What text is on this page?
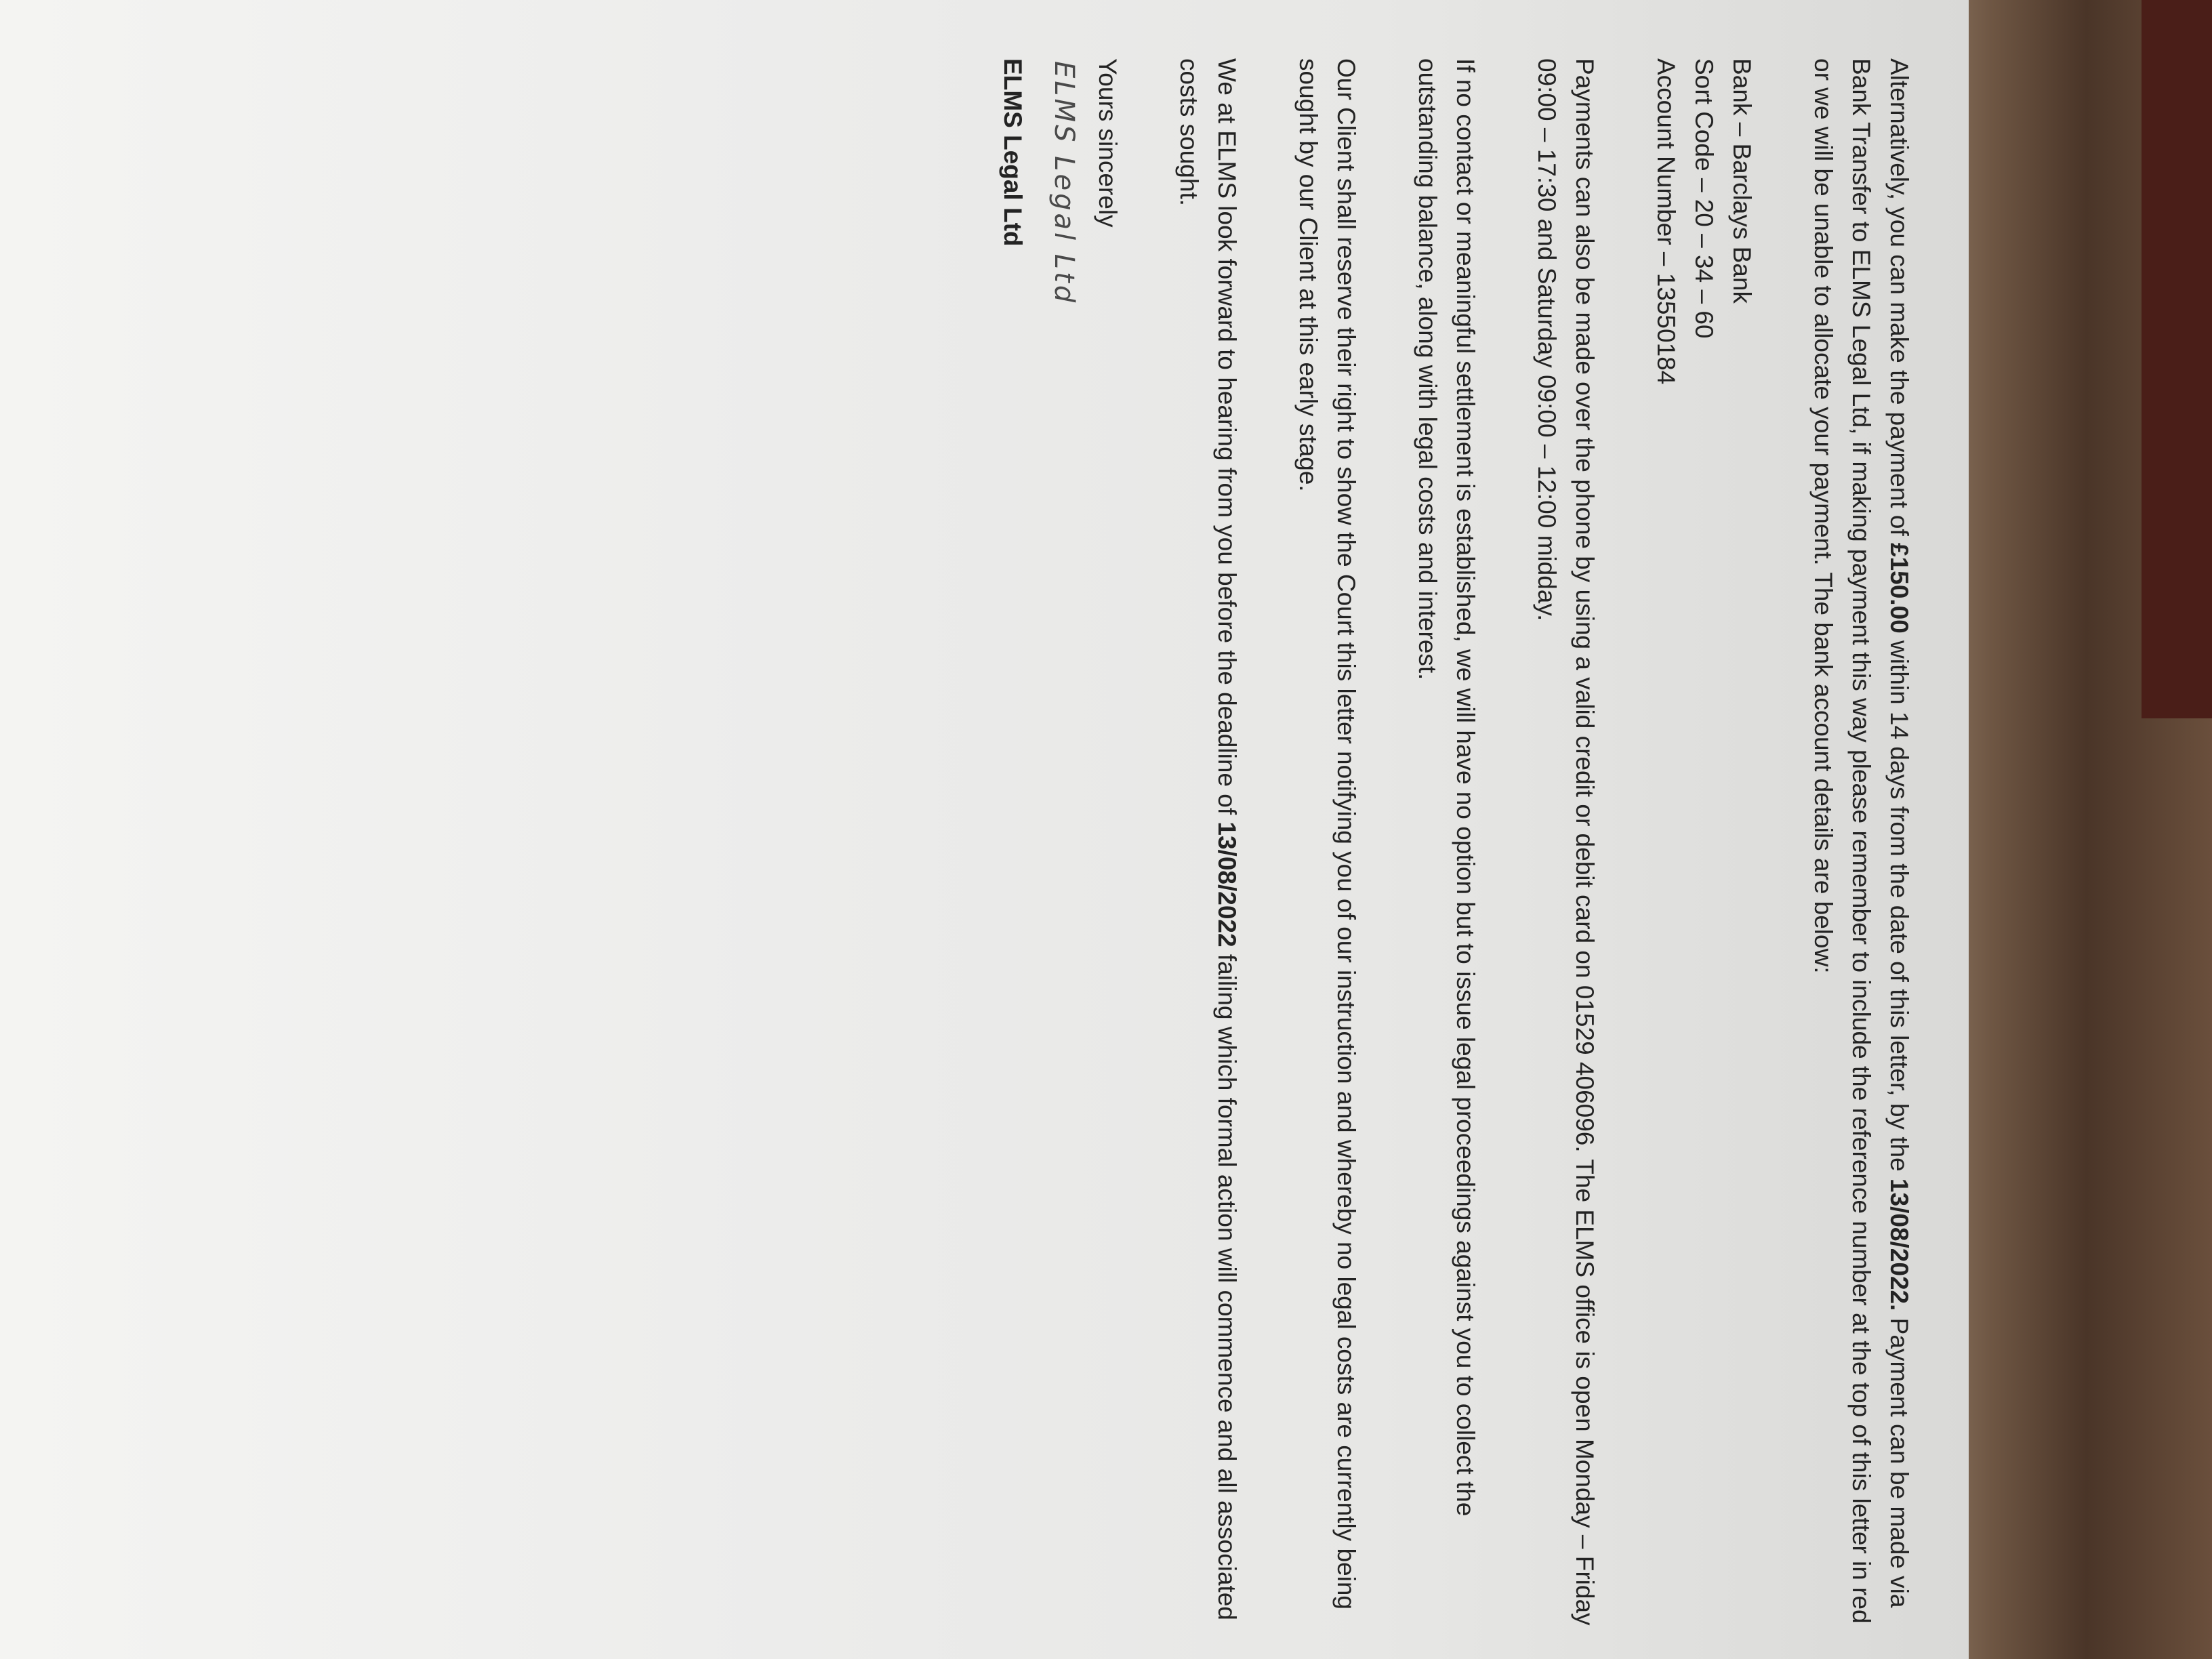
Alternatively, you can make the payment of £150.00 within 14 days from the date of this letter, by the 13/08/2022. Payment can be made via Bank Transfer to ELMS Legal Ltd, if making payment this way please remember to include the reference number at the top of this letter in red or we will be unable to allocate your payment. The bank account details are below:

Bank – Barclays Bank

Sort Code – 20 – 34 – 60

Account Number – 13550184

Payments can also be made over the phone by using a valid credit or debit card on 01529 406096. The ELMS office is open Monday – Friday 09:00 – 17:30 and Saturday 09:00 – 12:00 midday.

If no contact or meaningful settlement is established, we will have no option but to issue legal proceedings against you to collect the outstanding balance, along with legal costs and interest.

Our Client shall reserve their right to show the Court this letter notifying you of our instruction and whereby no legal costs are currently being sought by our Client at this early stage.

We at ELMS look forward to hearing from you before the deadline of 13/08/2022 failing which formal action will commence and all associated costs sought.

Yours sincerely
ELMS Legal Ltd
ELMS Legal Ltd
